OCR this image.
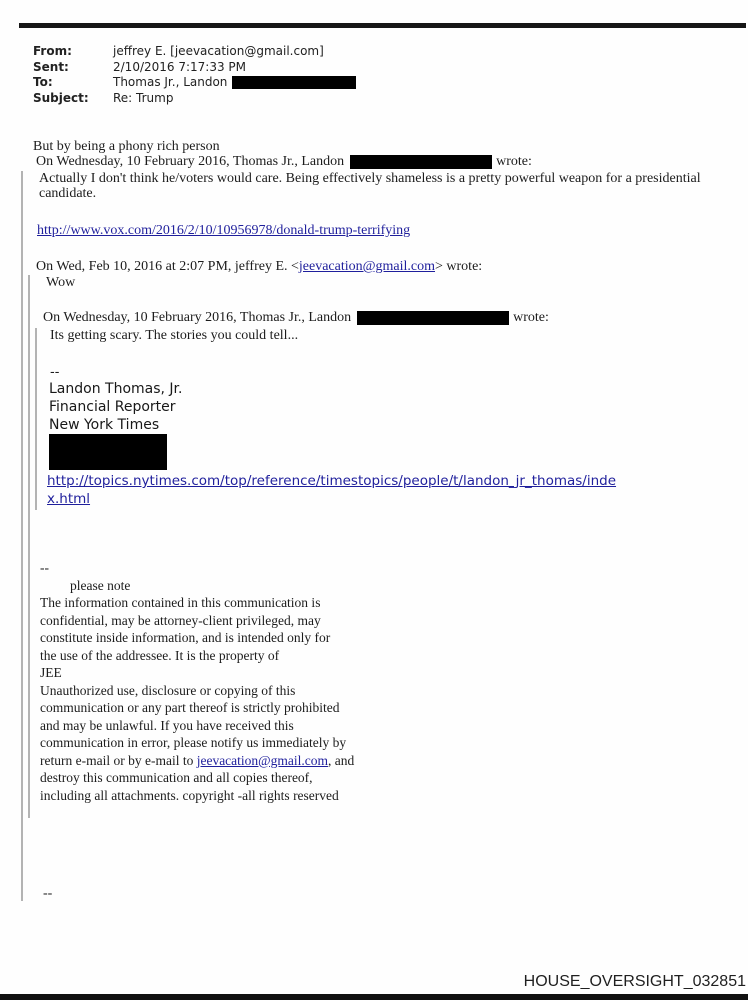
From:	jeffrey E. [jeevacation@gmail.com]
Sent:	2/10/2016 7:17:33 PM
To:	Thomas Jr., Landon
Subject:	Re: Trump
But by being a phony rich person
On Wednesday, 10 February 2016, Thomas Jr., Landon	wrote:
Actually I don't think he/voters would care. Being effectively shameless is a pretty powerful weapon for a presidential candidate.
http://www.vox.com/2016/2/10/10956978/donald-trump-terrifying
On Wed, Feb 10, 2016 at 2:07 PM, jeffrey E. <jeevacation@gmail.com> wrote:
Wow
On Wednesday, 10 February 2016, Thomas Jr., Landon	wrote:
Its getting scary. The stories you could tell...
--
Landon Thomas, Jr.
Financial Reporter
New York Times
http://topics.nytimes.com/top/reference/timestopics/people/t/landon_jr_thomas/inde
x.html
--
please note
The information contained in this communication is
confidential, may be attorney-client privileged, may
constitute inside information, and is intended only for
the use of the addressee. It is the property of
JEE
Unauthorized use, disclosure or copying of this
communication or any part thereof is strictly prohibited
and may be unlawful. If you have received this
communication in error, please notify us immediately by
return e-mail or by e-mail to jeevacation@gmail.com, and
destroy this communication and all copies thereof,
including all attachments. copyright -all rights reserved
--
HOUSE_OVERSIGHT_032851
